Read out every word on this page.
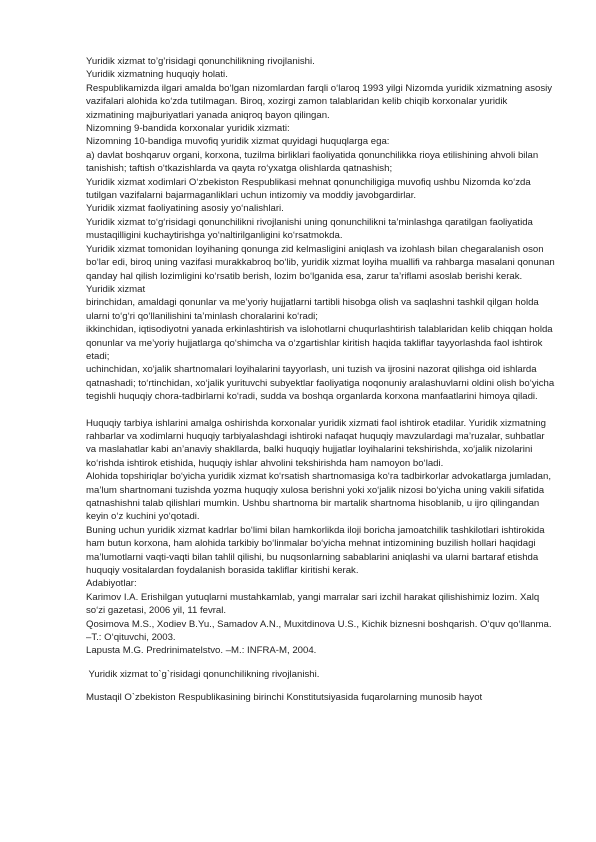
Yuridik xizmat to’g’risidagi qonunchilikning rivojlanishi.

Yuridik xizmatning huquqiy holati.

Respublikamizda ilgari amalda bo‘lgan nizomlardan farqli o‘laroq 1993 yilgi Nizomda yuridik xizmatning asosiy vazifalari alohida ko‘zda tutilmagan. Biroq, xozirgi zamon talablaridan kelib chiqib korxonalar yuridik xizmatining majburiyatlari yanada aniqroq bayon qilingan.

Nizomning 9-bandida korxonalar yuridik xizmati:

Nizomning 10-bandiga muvofiq yuridik xizmat quyidagi huquqlarga ega:

a) davlat boshqaruv organi, korxona, tuzilma birliklari faoliyatida qonunchilikka rioya etilishining ahvoli bilan tanishish; taftish o‘tkazishlarda va qayta ro‘yxatga olishlarda qatnashish;

Yuridik xizmat xodimlari O‘zbekiston Respublikasi mehnat qonunchiligiga muvofiq ushbu Nizomda ko‘zda tutilgan vazifalarni bajarmaganliklari uchun intizomiy va moddiy javobgardirlar.

Yuridik xizmat faoliyatining asosiy yo‘nalishlari.

Yuridik xizmat to‘g‘risidagi qonunchilikni rivojlanishi uning qonunchilikni ta’minlashga qaratilgan faoliyatida mustaqilligini kuchaytirishga yo‘naltirilganligini ko‘rsatmokda.

Yuridik xizmat tomonidan loyihaning qonunga zid kelmasligini aniqlash va izohlash bilan chegaralanish oson bo‘lar edi, biroq uning vazifasi murakkabroq bo‘lib, yuridik xizmat loyiha muallifi va rahbarga masalani qonunan qanday hal qilish lozimligini ko‘rsatib berish, lozim bo‘lganida esa, zarur ta’riflami asoslab berishi kerak.

Yuridik xizmat

birinchidan, amaldagi qonunlar va me’yoriy hujjatlarni tartibli hisobga olish va saqlashni tashkil qilgan holda ularni to‘g‘ri qo‘llanilishini ta’minlash choralarini ko‘radi;

ikkinchidan, iqtisodiyotni yanada erkinlashtirish va islohotlarni chuqurlashtirish talablaridan kelib chiqqan holda qonunlar va me’yoriy hujjatlarga qo‘shimcha va o‘zgartishlar kiritish haqida takliflar tayyorlashda faol ishtirok etadi;

uchinchidan, xo‘jalik shartnomalari loyihalarini tayyorlash, uni tuzish va ijrosini nazorat qilishga oid ishlarda qatnashadi; to‘rtinchidan, xo‘jalik yurituvchi subyektlar faoliyatiga noqonuniy aralashuvlarni oldini olish bo‘yicha tegishli huquqiy chora-tadbirlarni ko‘radi, sudda va boshqa organlarda korxona manfaatlarini himoya qiladi.

Huquqiy tarbiya ishlarini amalga oshirishda korxonalar yuridik xizmati faol ishtirok etadilar. Yuridik xizmatning rahbarlar va xodimlarni huquqiy tarbiyalashdagi ishtiroki nafaqat huquqiy mavzulardagi ma’ruzalar, suhbatlar va maslahatlar kabi an’anaviy shakllarda, balki huquqiy hujjatlar loyihalarini tekshirishda, xo‘jalik nizolarini ko‘rishda ishtirok etishida, huquqiy ishlar ahvolini tekshirishda ham namoyon bo‘ladi.

Alohida topshiriqlar bo‘yicha yuridik xizmat ko‘rsatish shartnomasiga ko‘ra tadbirkorlar advokatlarga jumladan, ma’lum shartnomani tuzishda yozma huquqiy xulosa berishni yoki xo‘jalik nizosi bo‘yicha uning vakili sifatida qatnashishni talab qilishlari mumkin. Ushbu shartnoma bir martalik shartnoma hisoblanib, u ijro qilingandan keyin o‘z kuchini yo‘qotadi.

Buning uchun yuridik xizmat kadrlar bo‘limi bilan hamkorlikda iloji boricha jamoatchilik tashkilotlari ishtirokida ham butun korxona, ham alohida tarkibiy bo‘linmalar bo‘yicha mehnat intizomining buzilish hollari haqidagi ma’lumotlarni vaqti-vaqti bilan tahlil qilishi, bu nuqsonlarning sabablarini aniqlashi va ularni bartaraf etishda huquqiy vositalardan foydalanish borasida takliflar kiritishi kerak.

Adabiyotlar:

Karimov I.A. Erishilgan yutuqlarni mustahkamlab, yangi marralar sari izchil harakat qilishishimiz lozim. Xalq so‘zi gazetasi, 2006 yil, 11 fevral.

Qosimova M.S., Xodiev B.Yu., Samadov A.N., Muxitdinova U.S., Kichik biznesni boshqarish. O‘quv qo‘llanma. –T.: O‘qituvchi, 2003.

Lapusta M.G. Predrinimatelstvo. –M.: INFRA-M, 2004.

Yuridik xizmat to`g`risidagi qonunchilikning rivojlanishi.

Mustaqil O`zbekiston Respublikasining birinchi Konstitutsiyasida fuqarolarning munosib hayot
